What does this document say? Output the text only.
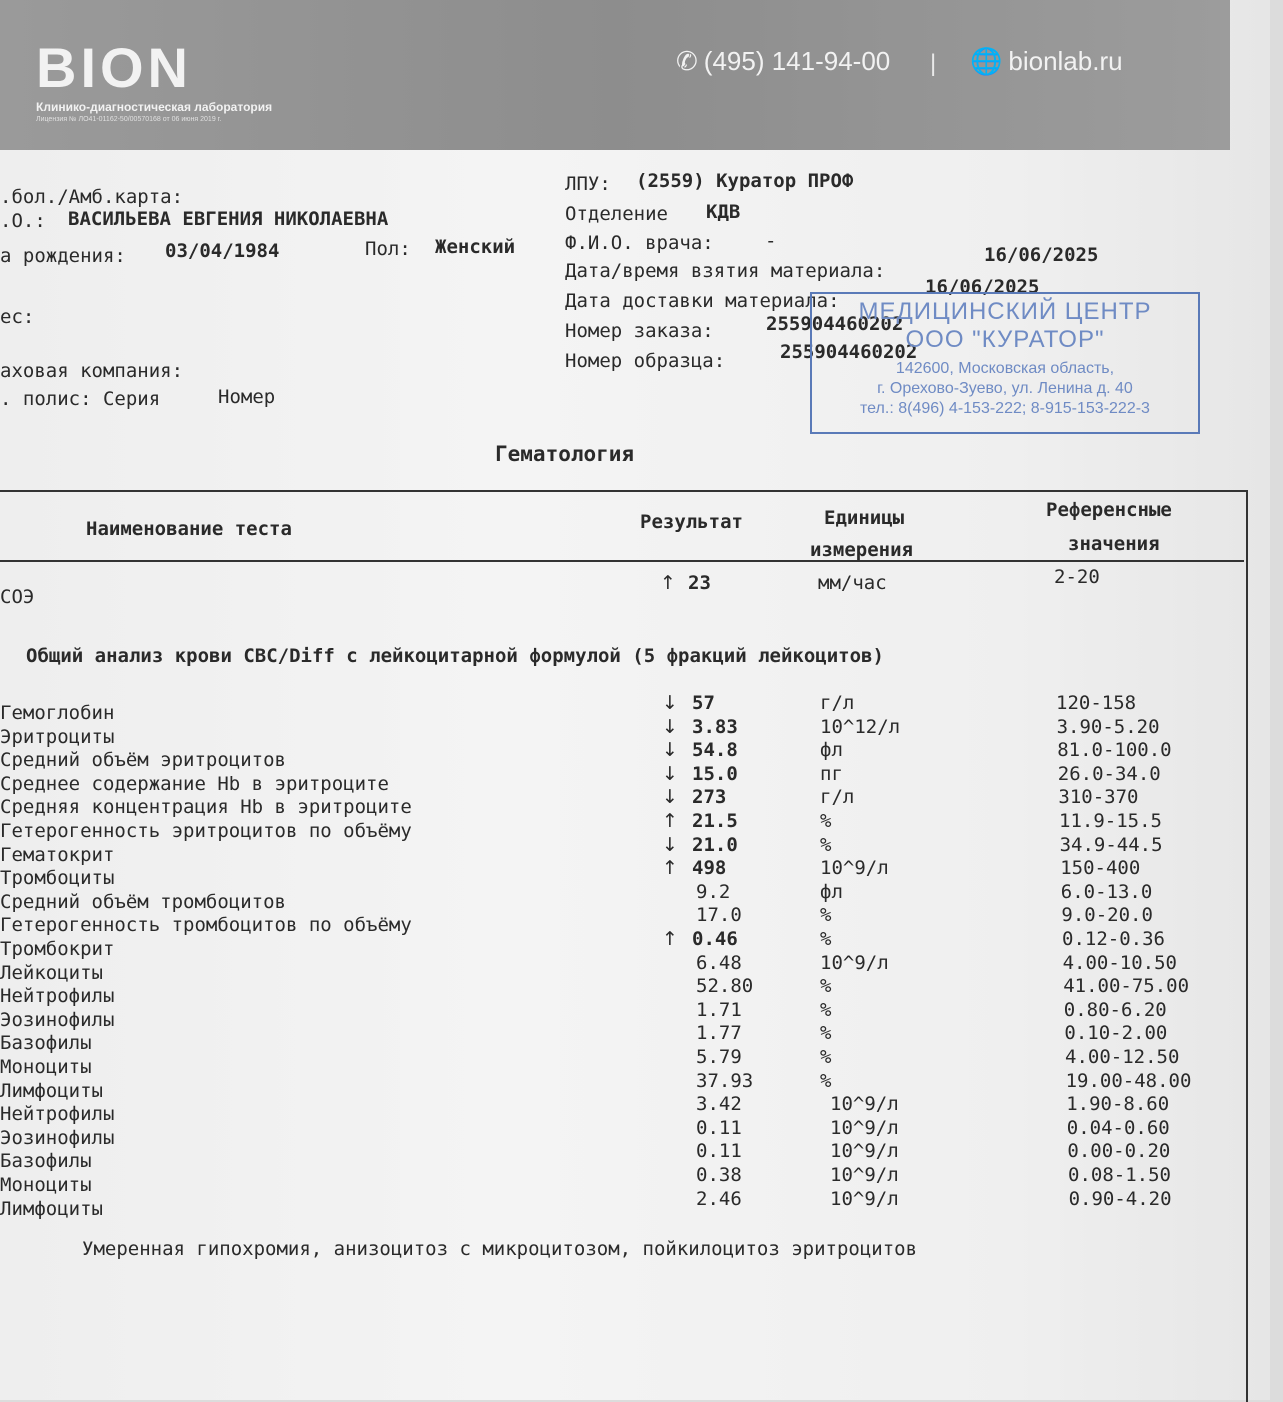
BION
Клинико-диагностическая лаборатория
Лицензия № ЛО41-01162-50/00570168 от 06 июня 2019 г.
✆ (495) 141-94-00 | 🌐 bionlab.ru
.бол./Амб.карта:
.О.: ВАСИЛЬЕВА ЕВГЕНИЯ НИКОЛАЕВНА
а рождения: 03/04/1984	Пол: Женский
ес:
аховая компания:
. полис: Серия	Номер
ЛПУ: (2559) Куратор ПРОФ
Отделение КДВ
Ф.И.О. врача:	-
Дата/время взятия материала:
16/06/2025
Дата доставки материала:
16/06/2025
Номер заказа:	255904460202
Номер образца:	255904460202
МЕДИЦИНСКИЙ ЦЕНТР
ООО "КУРАТОР"
142600, Московская область,
г. Орехово-Зуево, ул. Ленина д. 40
тел.: 8(496) 4-153-222; 8-915-153-222-3
Гематология
Наименование теста	Результат	Единицы
измерения
Референсные
значения
СОЭ
↑ 23	мм/час	2-20
Общий анализ крови CBC/Diff с лейкоцитарной формулой (5 фракций лейкоцитов)
Гемоглобин	↓ 57	г/л	120-158
Эритроциты	↓ 3.83	10^12/л	3.90-5.20
Средний объём эритроцитов	↓ 54.8	фл	81.0-100.0
Среднее содержание Hb в эритроците	↓ 15.0	пг	26.0-34.0
Средняя концентрация Hb в эритроците	↓ 273	г/л	310-370
Гетерогенность эритроцитов по объёму	↑ 21.5	%	11.9-15.5
Гематокрит	↓ 21.0	%	34.9-44.5
Тромбоциты	↑ 498	10^9/л	150-400
Средний объём тромбоцитов	9.2	фл	6.0-13.0
Гетерогенность тромбоцитов по объёму	17.0	%	9.0-20.0
Тромбокрит	↑ 0.46	%	0.12-0.36
Лейкоциты	6.48	10^9/л	4.00-10.50
Нейтрофилы	52.80	%	41.00-75.00
Эозинофилы	1.71	%	0.80-6.20
Базофилы	1.77	%	0.10-2.00
Моноциты	5.79	%	4.00-12.50
Лимфоциты	37.93	%	19.00-48.00
Нейтрофилы	3.42	10^9/л	1.90-8.60
Эозинофилы	0.11	10^9/л	0.04-0.60
Базофилы	0.11	10^9/л	0.00-0.20
Моноциты	0.38	10^9/л	0.08-1.50
Лимфоциты	2.46	10^9/л	0.90-4.20
Умеренная гипохромия, анизоцитоз с микроцитозом, пойкилоцитоз эритроцитов
